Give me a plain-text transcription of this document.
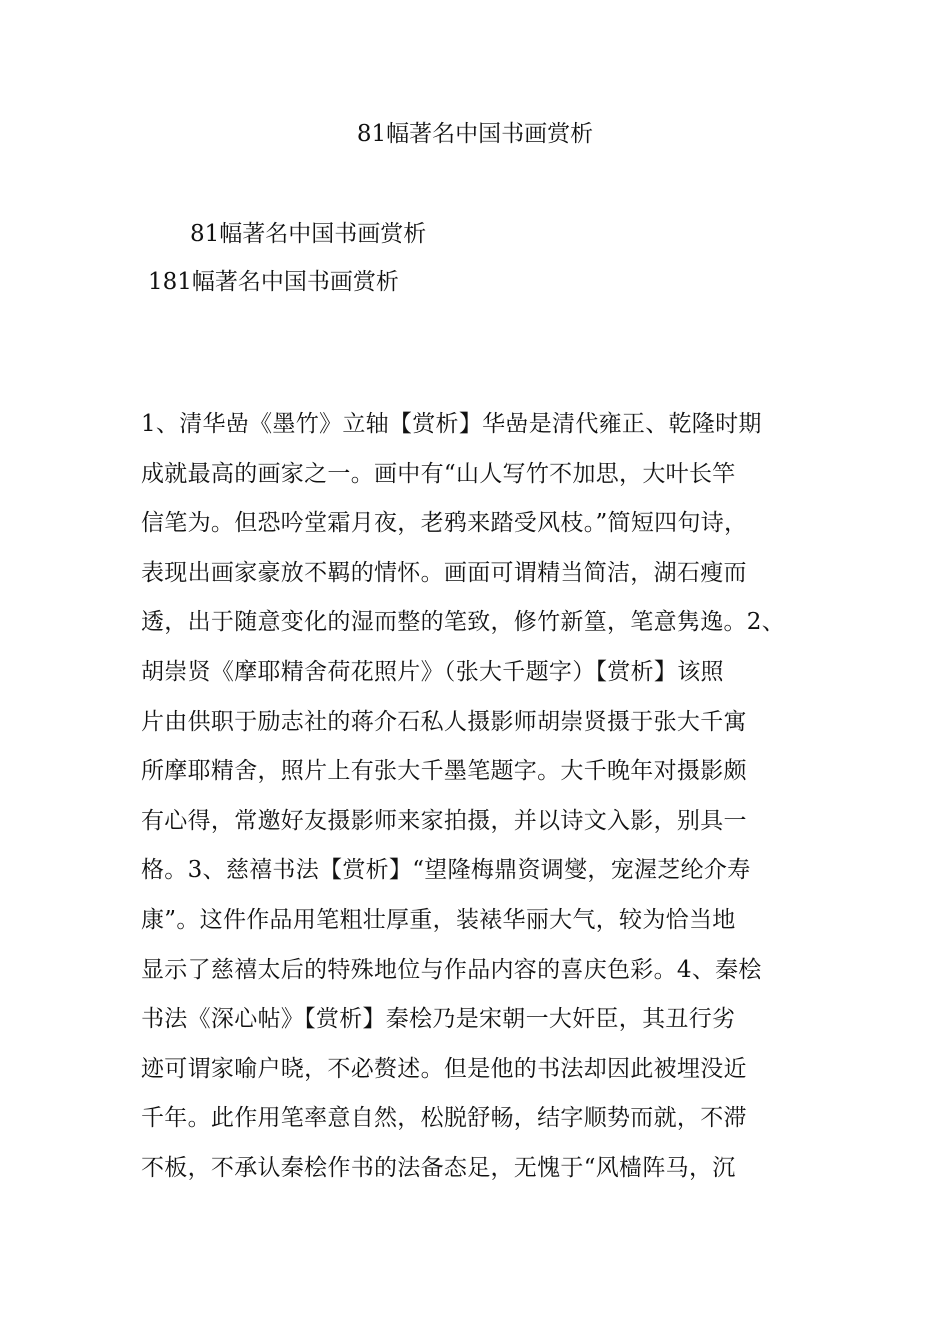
81幅著名中国书画赏析
81幅著名中国书画赏析
181幅著名中国书画赏析
1、清华嵒《墨竹》立轴【赏析】华嵒是清代雍正、乾隆时期
成就最高的画家之一。画中有“山人写竹不加思，大叶长竿
信笔为。但恐吟堂霜月夜，老鸦来踏受风枝。”简短四句诗，
表现出画家豪放不羁的情怀。画面可谓精当简洁，湖石瘦而
透，出于随意变化的湿而整的笔致，修竹新篁，笔意隽逸。2、
胡崇贤《摩耶精舍荷花照片》（张大千题字）【赏析】该照
片由供职于励志社的蒋介石私人摄影师胡崇贤摄于张大千寓
所摩耶精舍，照片上有张大千墨笔题字。大千晚年对摄影颇
有心得，常邀好友摄影师来家拍摄，并以诗文入影，别具一
格。3、慈禧书法【赏析】“望隆梅鼎资调燮，宠渥芝纶介寿
康”。这件作品用笔粗壮厚重，装裱华丽大气，较为恰当地
显示了慈禧太后的特殊地位与作品内容的喜庆色彩。4、秦桧
书法《深心帖》【赏析】秦桧乃是宋朝一大奸臣，其丑行劣
迹可谓家喻户晓，不必赘述。但是他的书法却因此被埋没近
千年。此作用笔率意自然，松脱舒畅，结字顺势而就，不滞
不板，不承认秦桧作书的法备态足，无愧于“风樯阵马，沉
